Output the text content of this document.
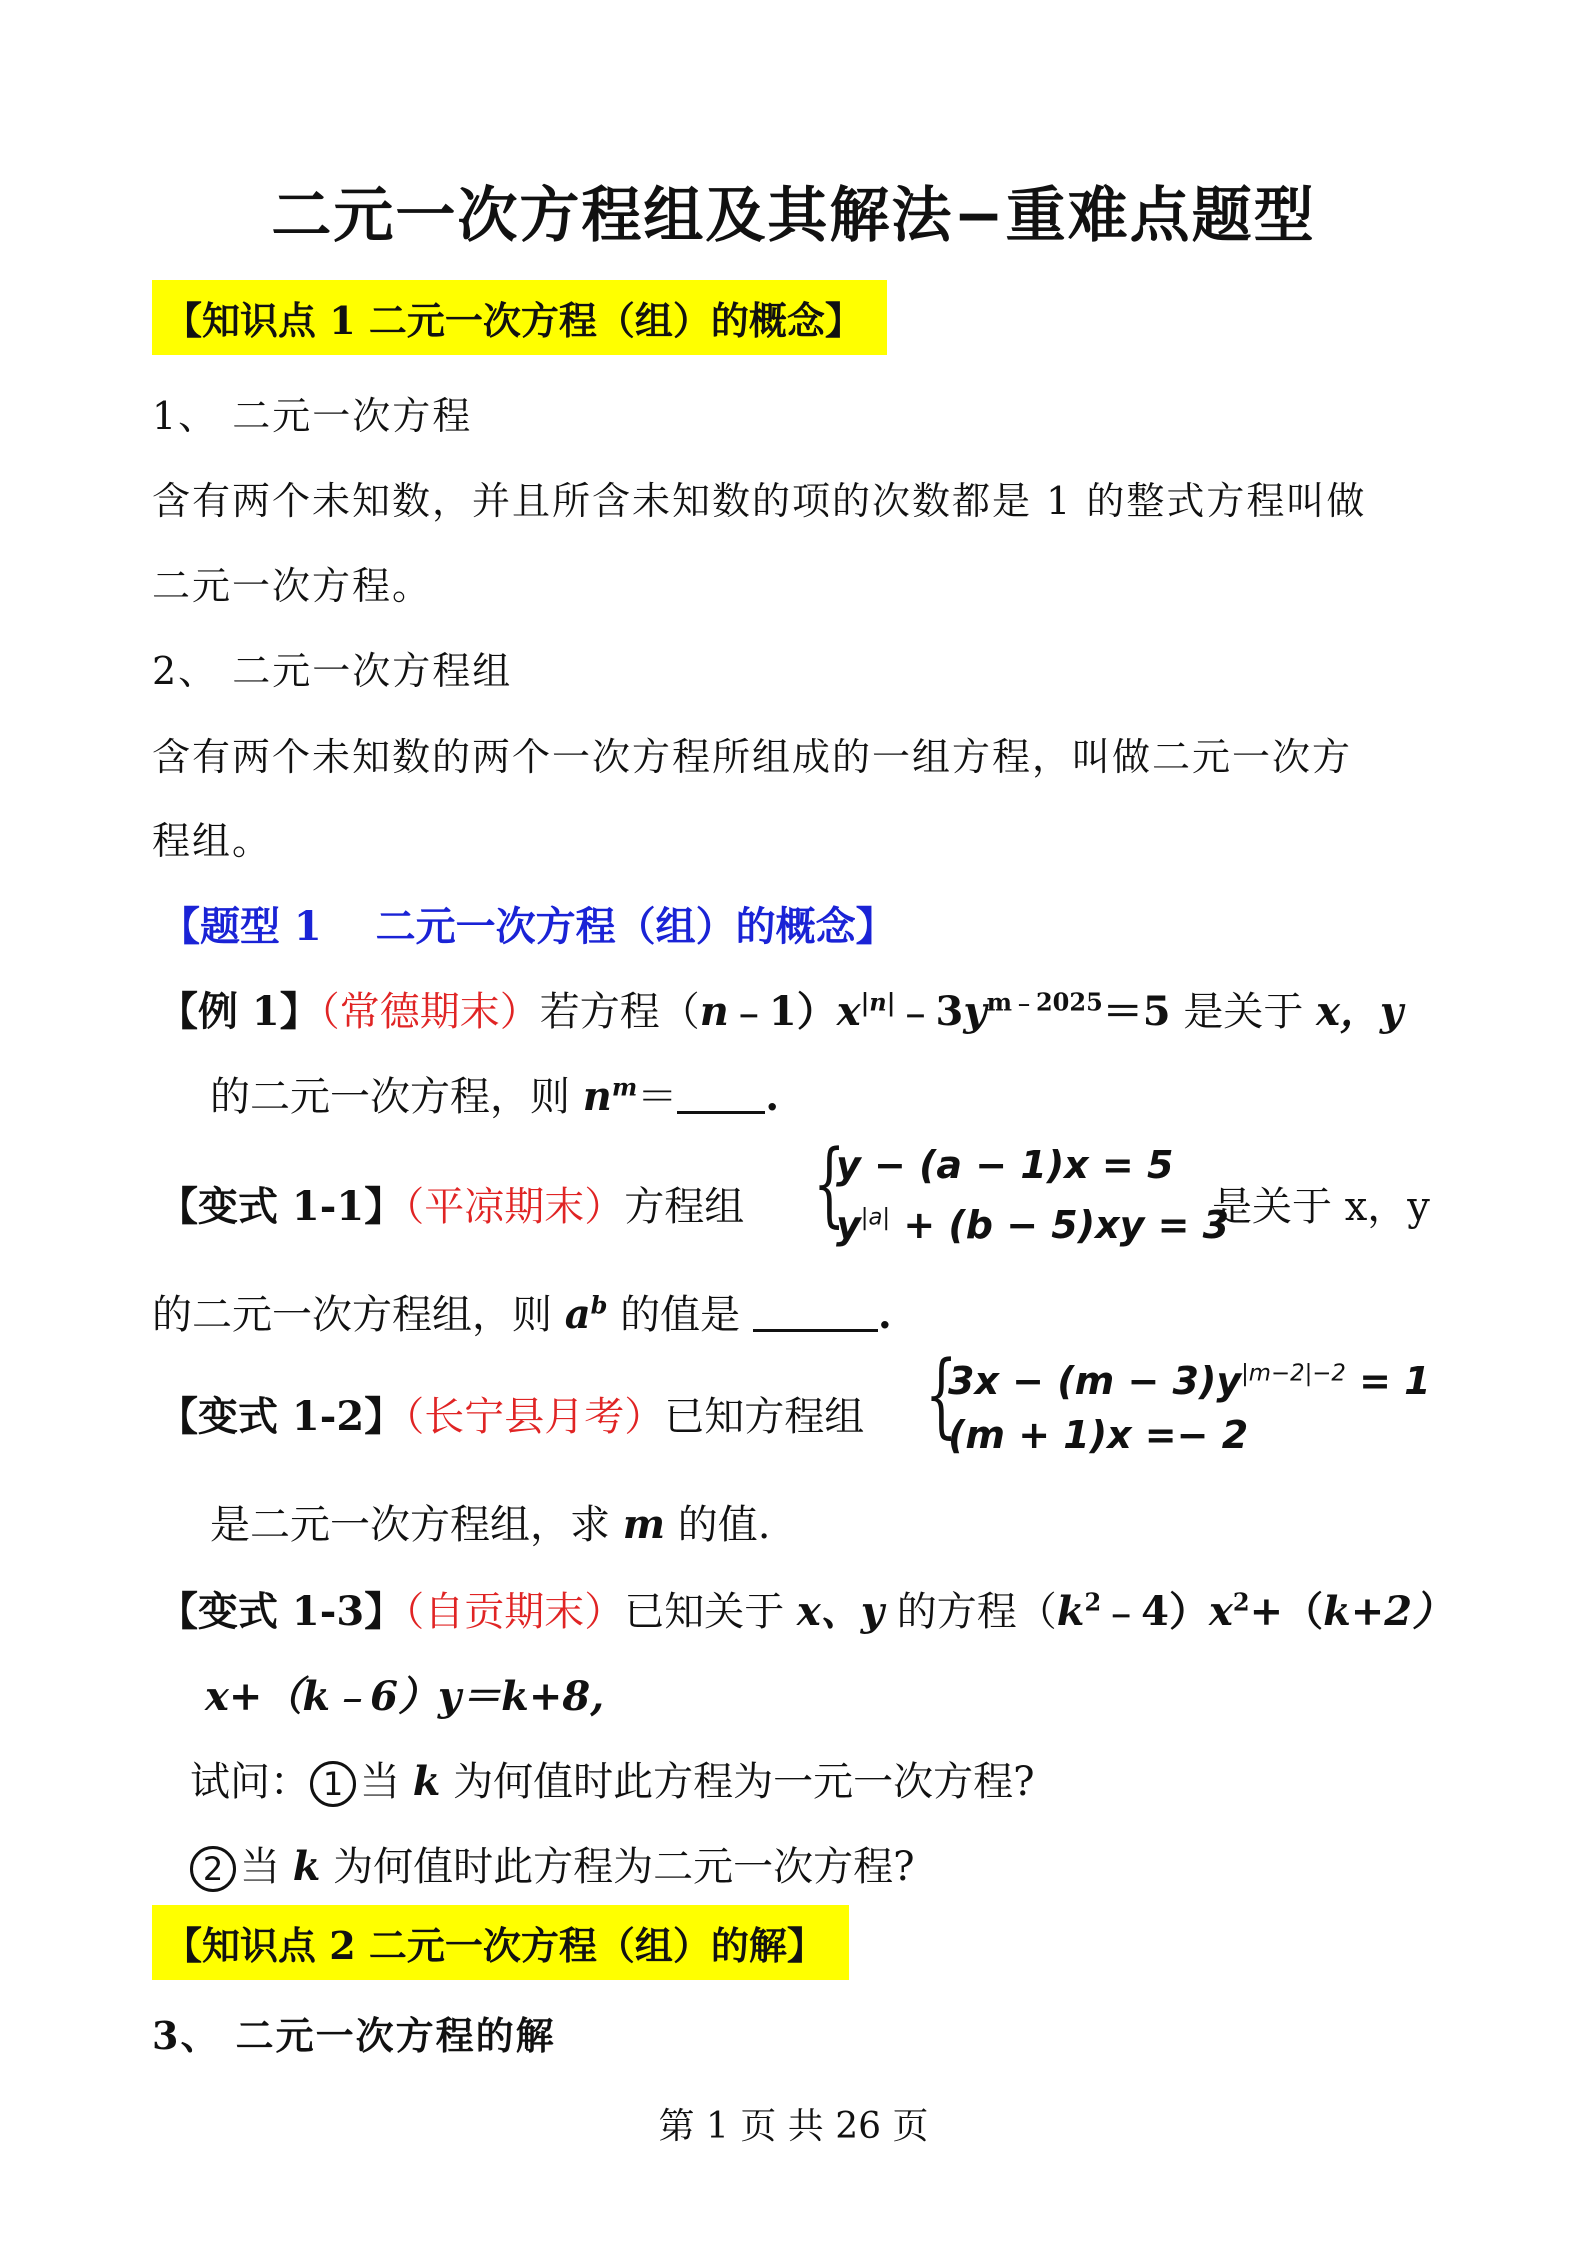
二元一次方程组及其解法−重难点题型
【知识点 1 二元一次方程（组）的概念】
1、 二元一次方程
含有两个未知数，并且所含未知数的项的次数都是 1 的整式方程叫做
二元一次方程。
2、 二元一次方程组
含有两个未知数的两个一次方程所组成的一组方程，叫做二元一次方
程组。
【题型 1　 二元一次方程（组）的概念】
【例 1】（常德期末）若方程$(n﹣1)x^{|n|}﹣3y^{m﹣2025}=5$ 是关于 x，y
的二元一次方程，则 $n^m=$ .
【变式 1-1】（平凉期末）方程组 {
y − (a − 1)x = 5
$y^{|a|} + (b - 5)xy = 3$
是关于 x，y
的二元一次方程组，则 $a^b$ 的值是	.
【变式 1-2】（长宁县月考）已知方程组 {
$3x - (m - 3)y^{|m-2|-2} = 1$
(m + 1)x =− 2
是二元一次方程组，求 m 的值.
【变式 1-3】（自贡期末）已知关于 x、y 的方程$(k^2﹣4)x^2+(k+2)$
x+（k﹣6）y＝k+8,
试问： 1 当 k 为何值时此方程为一元一次方程?
2 当 k 为何值时此方程为二元一次方程?
【知识点 2 二元一次方程（组）的解】
3、 二元一次方程的解
第 1 页 共 26 页
